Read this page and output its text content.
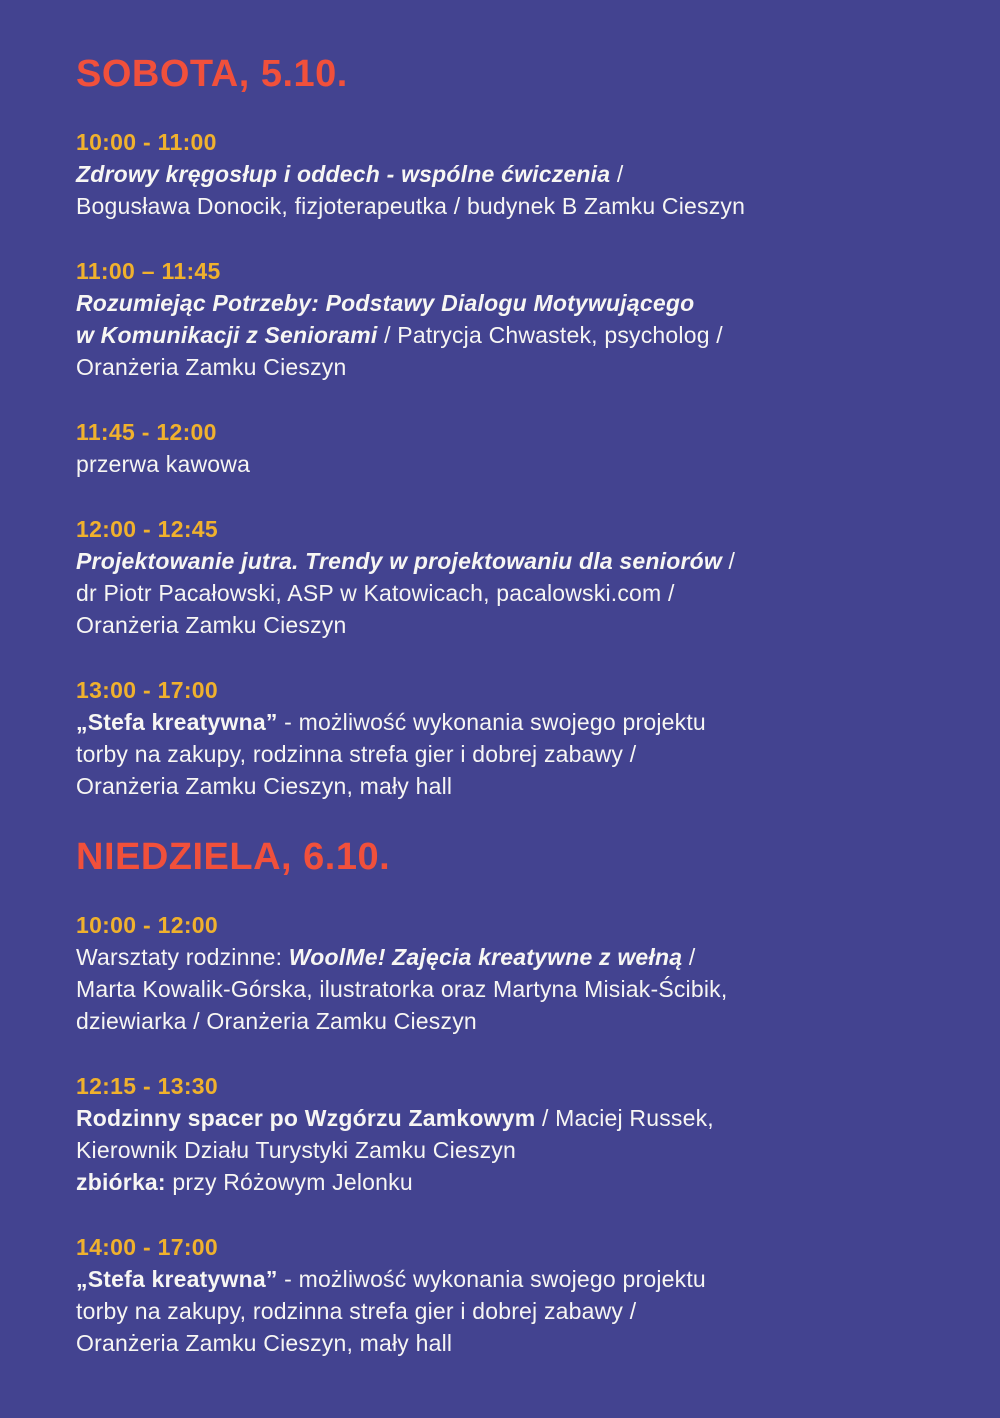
SOBOTA, 5.10.
10:00 - 11:00

Zdrowy kręgosłup i oddech - wspólne ćwiczenia /
Bogusława Donocik, fizjoterapeutka / budynek B Zamku Cieszyn

11:00 – 11:45

Rozumiejąc Potrzeby: Podstawy Dialogu Motywującego
w Komunikacji z Seniorami / Patrycja Chwastek, psycholog /
Oranżeria Zamku Cieszyn

11:45 - 12:00

przerwa kawowa

12:00 - 12:45

Projektowanie jutra. Trendy w projektowaniu dla seniorów /
dr Piotr Pacałowski, ASP w Katowicach, pacalowski.com /
Oranżeria Zamku Cieszyn

13:00 - 17:00

„Stefa kreatywna” - możliwość wykonania swojego projektu
torby na zakupy, rodzinna strefa gier i dobrej zabawy /
Oranżeria Zamku Cieszyn, mały hall

NIEDZIELA, 6.10.
10:00 - 12:00

Warsztaty rodzinne: WoolMe! Zajęcia kreatywne z wełną /
Marta Kowalik-Górska, ilustratorka oraz Martyna Misiak-Ścibik,
dziewiarka / Oranżeria Zamku Cieszyn

12:15 - 13:30

Rodzinny spacer po Wzgórzu Zamkowym / Maciej Russek,
Kierownik Działu Turystyki Zamku Cieszyn
zbiórka: przy Różowym Jelonku

14:00 - 17:00

„Stefa kreatywna” - możliwość wykonania swojego projektu
torby na zakupy, rodzinna strefa gier i dobrej zabawy /
Oranżeria Zamku Cieszyn, mały hall
